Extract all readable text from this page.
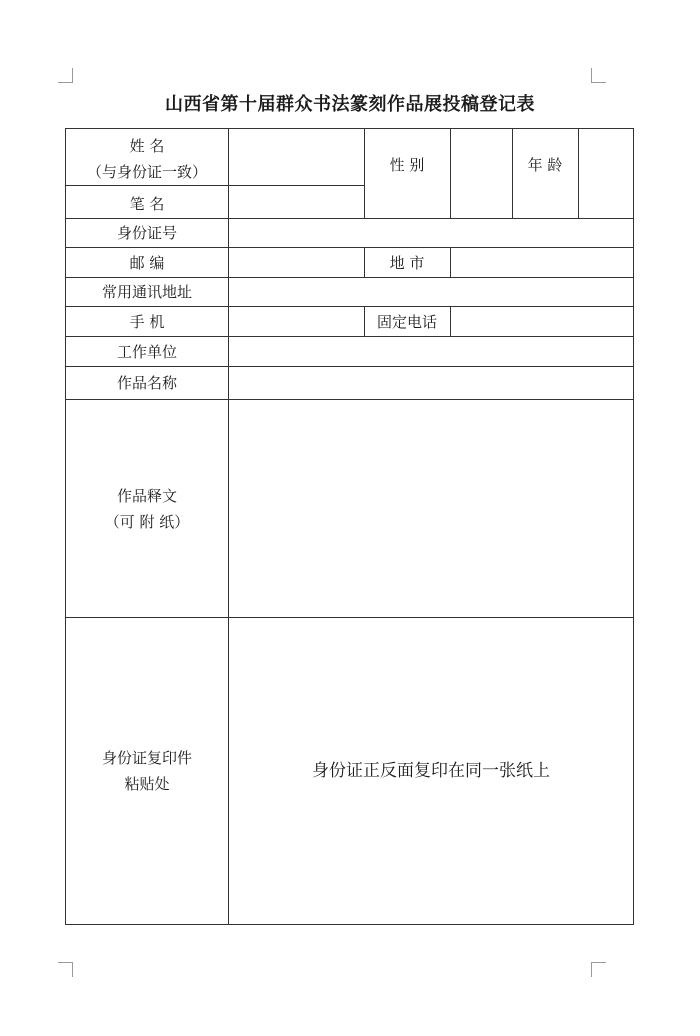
山西省第十届群众书法篆刻作品展投稿登记表
姓 名
（与身份证一致）
笔 名
性 别	年 龄
身份证号
邮 编	地 市
常用通讯地址
手 机	固定电话
工作单位
作品名称
作品释文
（可 附 纸）
身份证复印件
粘贴处
身份证正反面复印在同一张纸上
